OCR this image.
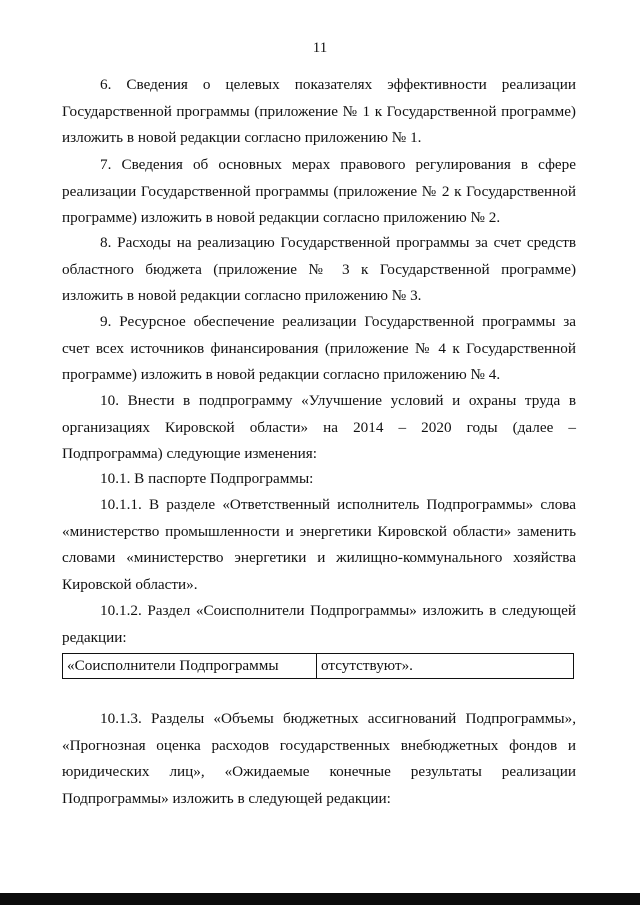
11

6. Сведения о целевых показателях эффективности реализации Государственной программы (приложение № 1 к Государственной программе) изложить в новой редакции согласно приложению № 1.

7. Сведения об основных мерах правового регулирования в сфере реализации Государственной программы (приложение № 2 к Государственной программе) изложить в новой редакции согласно приложению № 2.

8. Расходы на реализацию Государственной программы за счет средств областного бюджета (приложение № 3 к Государственной программе) изложить в новой редакции согласно приложению № 3.

9. Ресурсное обеспечение реализации Государственной программы за счет всех источников финансирования (приложение № 4 к Государственной программе) изложить в новой редакции согласно приложению № 4.

10. Внести в подпрограмму «Улучшение условий и охраны труда в организациях Кировской области» на 2014 – 2020 годы (далее – Подпрограмма) следующие изменения:

10.1. В паспорте Подпрограммы:

10.1.1. В разделе «Ответственный исполнитель Подпрограммы» слова «министерство промышленности и энергетики Кировской области» заменить словами «министерство энергетики и жилищно-коммунального хозяйства Кировской области».

10.1.2. Раздел «Соисполнители Подпрограммы» изложить в следующей редакции:

«Соисполнители Подпрограммы	отсутствуют».

10.1.3. Разделы «Объемы бюджетных ассигнований Подпрограммы», «Прогнозная оценка расходов государственных внебюджетных фондов и юридических лиц», «Ожидаемые конечные результаты реализации Подпрограммы» изложить в следующей редакции:
